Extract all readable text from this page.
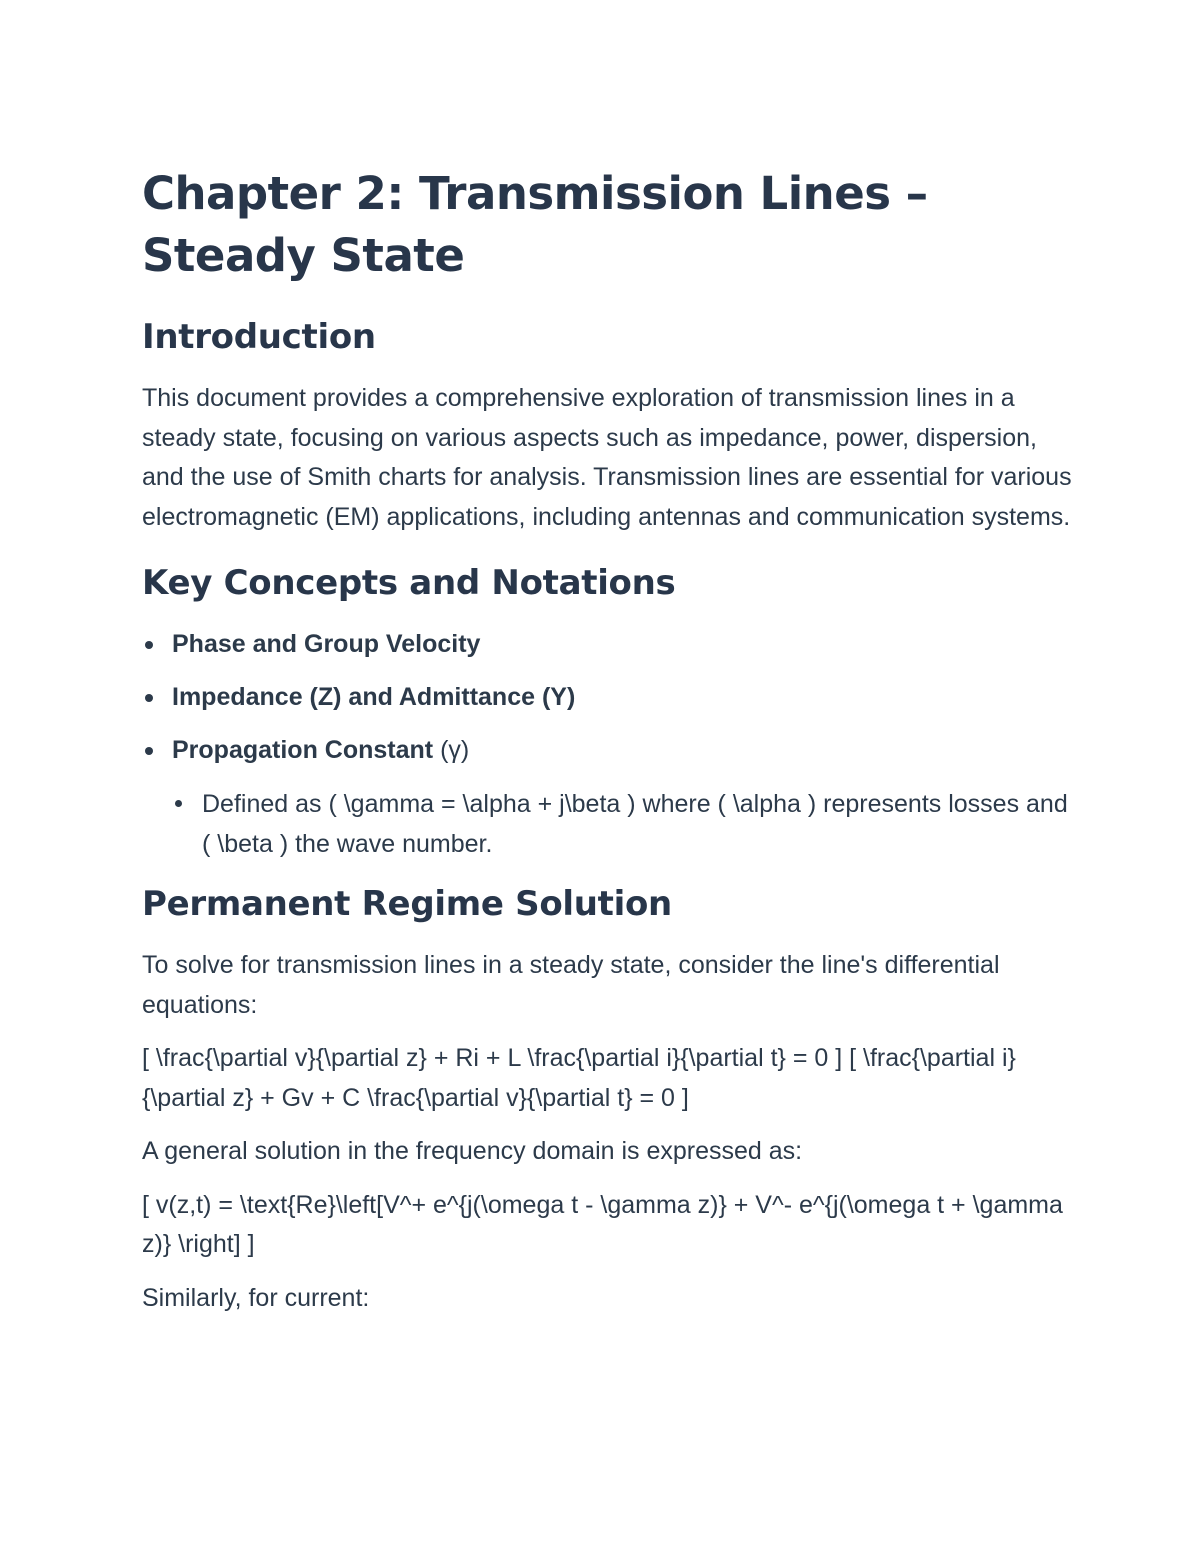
Chapter 2: Transmission Lines – Steady State
Introduction

This document provides a comprehensive exploration of transmission lines in a steady state, focusing on various aspects such as impedance, power, dispersion, and the use of Smith charts for analysis. Transmission lines are essential for various electromagnetic (EM) applications, including antennas and communication systems.

Key Concepts and Notations
Phase and Group Velocity
Impedance (Z) and Admittance (Y)
Propagation Constant (γ)
Defined as ( \gamma = \alpha + j\beta ) where ( \alpha ) represents losses and ( \beta ) the wave number.
Permanent Regime Solution

To solve for transmission lines in a steady state, consider the line's differential equations:

[ \frac{\partial v}{\partial z} + Ri + L \frac{\partial i}{\partial t} = 0 ] [ \frac{\partial i}{\partial z} + Gv + C \frac{\partial v}{\partial t} = 0 ]

A general solution in the frequency domain is expressed as:

[ v(z,t) = \text{Re}\left[V^+ e^{j(\omega t - \gamma z)} + V^- e^{j(\omega t + \gamma z)} \right] ]

Similarly, for current:
